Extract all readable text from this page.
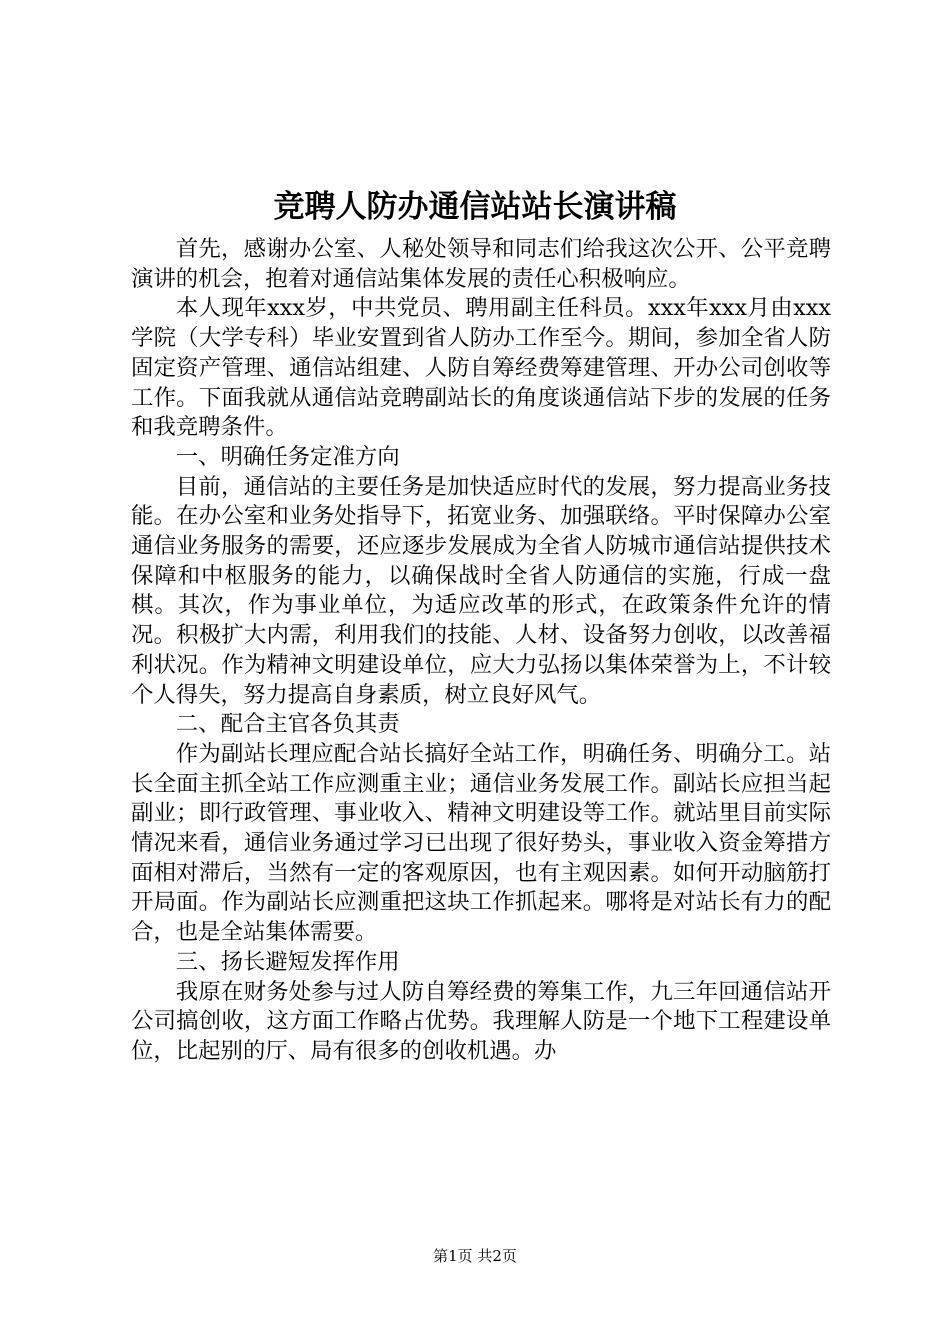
竞聘人防办通信站站长演讲稿

首先，感谢办公室、人秘处领导和同志们给我这次公开、公平竞聘演讲的机会，抱着对通信站集体发展的责任心积极响应。

本人现年xxx岁，中共党员、聘用副主任科员。xxx年xxx月由xxx学院（大学专科）毕业安置到省人防办工作至今。期间，参加全省人防固定资产管理、通信站组建、人防自筹经费筹建管理、开办公司创收等工作。下面我就从通信站竞聘副站长的角度谈通信站下步的发展的任务和我竞聘条件。

一、明确任务定准方向

目前，通信站的主要任务是加快适应时代的发展，努力提高业务技能。在办公室和业务处指导下，拓宽业务、加强联络。平时保障办公室通信业务服务的需要，还应逐步发展成为全省人防城市通信站提供技术保障和中枢服务的能力，以确保战时全省人防通信的实施，行成一盘棋。其次，作为事业单位，为适应改革的形式，在政策条件允许的情况。积极扩大内需，利用我们的技能、人材、设备努力创收，以改善福利状况。作为精神文明建设单位，应大力弘扬以集体荣誉为上，不计较个人得失，努力提高自身素质，树立良好风气。

二、配合主官各负其责

作为副站长理应配合站长搞好全站工作，明确任务、明确分工。站长全面主抓全站工作应测重主业；通信业务发展工作。副站长应担当起副业；即行政管理、事业收入、精神文明建设等工作。就站里目前实际情况来看，通信业务通过学习已出现了很好势头，事业收入资金筹措方面相对滞后，当然有一定的客观原因，也有主观因素。如何开动脑筋打开局面。作为副站长应测重把这块工作抓起来。哪将是对站长有力的配合，也是全站集体需要。

三、扬长避短发挥作用

我原在财务处参与过人防自筹经费的筹集工作，九三年回通信站开公司搞创收，这方面工作略占优势。我理解人防是一个地下工程建设单位，比起别的厅、局有很多的创收机遇。办

第1页 共2页
